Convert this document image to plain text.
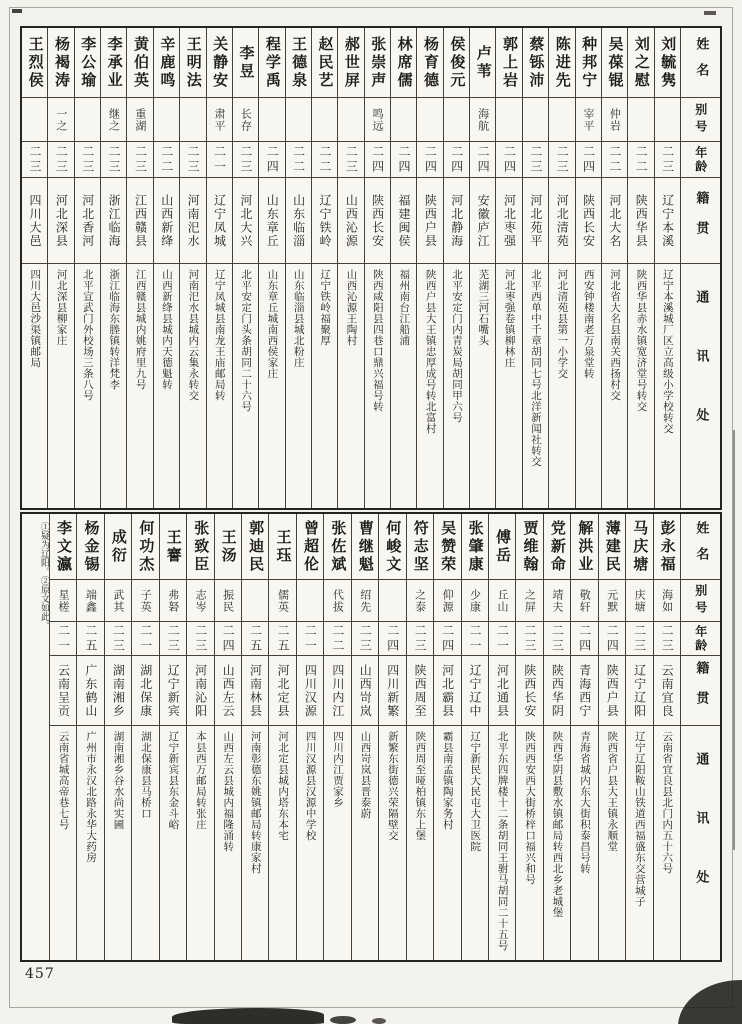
姓名
别号
年龄
籍贯
通讯处
刘毓隽
二三
辽宁本溪
辽宁本溪城厂区立高级小学校转交
刘之慰
二二
陕西华县
陕西华县赤水镇宽济堂号转交
吴葆锟
仲岩
二二
河北大名
河北省大名县南关西扬村交
种邦宁
宰平
二四
陕西长安
西安钟楼南老万泉堂转
陈进先
二三
河北清苑
河北清苑县第一小学交
蔡铄沛
二三
河北苑平
北平西单中千章胡同七号北洋新闻社转交
郭上岩
二四
河北枣强
河北枣强卷镇柳林庄
卢苇
海航
二四
安徽庐江
芜湖三河石嘴头
侯俊元
二四
河北静海
北平安定门内青炭局胡同甲六号
杨育德
二四
陕西户县
陕西户县大王镇忠厚成号转北富村
林席儒
二四
福建闽侯
福州南台江船浦
张崇声
鸣远
二四
陕西长安
陕西咸阳县四巷口鼎兴福号转
郝世屏
二三
山西沁源
山西沁源王陶村
赵民艺
二二
辽宁铁岭
辽宁铁岭福聚厚
王德泉
二二
山东临淄
山东临淄县城北粉庄
程学禹
二四
山东章丘
山东章丘城南西侯家庄
李昱
长存
二三
河北大兴
北平安定门头条胡同二十六号
关静安
肃平
二一
辽宁凤城
辽宁凤城县南龙王庙邮局转
王明法
二三
河南汜水
河南汜水县城内云集永转交
辛鹿鸣
二二
山西新绛
山西新绛县城内天德魁转
黄伯英
重湖
二三
江西赣县
江西赣县城内姚府里九号
李承业
继之
二三
浙江临海
浙江临海东塍镇转洋梵李
李公瑜
二三
河北香河
北平宣武门外校场三条八号
杨褐涛
一之
二三
河北深县
河北深县柳家庄
王烈侯
二三
四川大邑
四川大邑沙渠镇邮局
姓名
别号
年龄
籍贯
通讯处
彭永福
海如
二三
云南宜良
云南省宜良县北门内五十六号
马庆塘
庆塘
二三
辽宁辽阳
辽宁辽阳鞍山铁道西福盛东交营城子
薄建民
元默
二四
陕西户县
陕西省户县大王镇永顺堂
解洪业
敬轩
二四
青海西宁
青海省城内东大街积泰昌号转
党新命
靖夫
二三
陕西华阴
陕西华阴县敷水镇邮局转西北乡老城堡
贾维翰
之屏
二三
陕西长安
陕西西安西大街桥梓口福兴和号
傅岳
丘山
二一
河北通县
北平东四牌楼十二条胡同王驸马胡同二十五号
张肇康
少康
二一
辽宁辽中
辽宁新民大民屯大卫医院
吴赞荣
仰源
二四
河北霸县
霸县南孟镇陶家务村
符志坚
之泰
二三
陕西周至
陕西周至哑柏镇东上堡
何峻文
二四
四川新繁
新繁东街德兴荣隔壁交
曹继魁
绍先
二三
山西岢岚
山西岢岚县晋泰蔚
张佐斌
代拔
二二
四川内江
四川内江贾家乡
曾超伦
二一
四川汉源
四川汉源县汉源中学校
王珏
儒英
二五
河北定县
河北定县城内塔东本宅
郭迪民
二五
河南林县
河南彰德东姚镇邮局转康家村
王汤
振民
二四
山西左云
山西左云县城内福隆涌转
张致臣
志岑
二三
河南沁阳
本县西万邮局转张庄
王謇
弗砮
二三
辽宁新宾
辽宁新宾县东金斗峪
何功杰
子英
二一
湖北保康
湖北保康县马桥口
成衍
武其
二三
湖南湘乡
湖南湘乡谷水尚实圃
杨金锡
端鑫
二五
广东鹤山
广州市永汉北路永华大药房
李文瀛
星槎
二一
云南呈贡
云南省城高帝巷七号
①疑为辽阳。
②原文如此。
457
